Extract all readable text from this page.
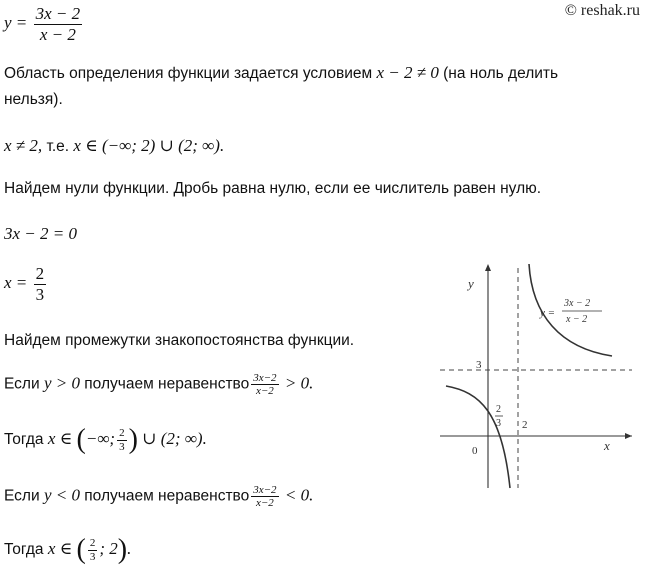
© reshak.ru
$y = \frac{3x - 2}{x - 2}$
Область определения функции задается условием x − 2 ≠ 0 (на ноль делить
нельзя).
x ≠ 2, т.е. x ∈ (−∞; 2) ∪ (2; ∞).
Найдем нули функции. Дробь равна нулю, если ее числитель равен нулю.
3x − 2 = 0
$x = \frac{2}{3}$
Найдем промежутки знакопостоянства функции.
Если y > 0 получаем неравенство $\frac{3x-2}{x-2} > 0$.
Тогда x ∈ (−∞; $\frac{2}{3}$ ) ∪ (2; ∞).
Если y < 0 получаем неравенство $\frac{3x-2}{x-2} < 0$.
Тогда x ∈ ( $\frac{2}{3}$ ; 2).
y
x
0
3
2
2
3
y =
3x − 2
x − 2
